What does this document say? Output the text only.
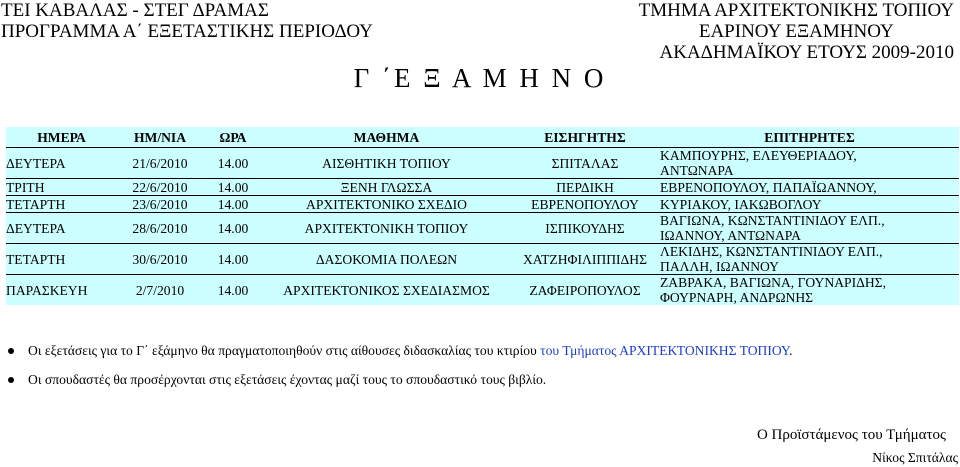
ΤΕΙ ΚΑΒΑΛΑΣ - ΣΤΕΓ ΔΡΑΜΑΣ
ΠΡΟΓΡΑΜΜΑ Α΄ ΕΞΕΤΑΣΤΙΚΗΣ ΠΕΡΙΟΔΟΥ
ΤΜΗΜΑ ΑΡΧΙΤΕΚΤΟΝΙΚΗΣ ΤΟΠΙΟΥ
ΕΑΡΙΝΟΥ ΕΞΑΜΗΝΟΥ
ΑΚΑΔΗΜΑΪΚΟΥ ΕΤΟΥΣ 2009-2010
Γ ΄Ε Ξ Α Μ Η Ν Ο
ΗΜΕΡΑ	ΗΜ/ΝΙΑ	ΩΡΑ	ΜΑΘΗΜΑ	ΕΙΣΗΓΗΤΗΣ	ΕΠΙΤΗΡΗΤΕΣ
ΔΕΥΤΕΡΑ	21/6/2010	14.00	ΑΙΣΘΗΤΙΚΗ ΤΟΠΙΟΥ	ΣΠΙΤΑΛΑΣ	ΚΑΜΠΟΥΡΗΣ, ΕΛΕΥΘΕΡΙΑΔΟΥ,
ΑΝΤΩΝΑΡΑ

ΤΡΙΤΗ	22/6/2010	14.00	ΞΕΝΗ ΓΛΩΣΣΑ	ΠΕΡΔΙΚΗ	ΕΒΡΕΝΟΠΟΥΛΟΥ, ΠΑΠΑΪΩΑΝΝΟΥ,

ΤΕΤΑΡΤΗ	23/6/2010	14.00	ΑΡΧΙΤΕΚΤΟΝΙΚΟ ΣΧΕΔΙΟ	ΕΒΡΕΝΟΠΟΥΛΟΥ	ΚΥΡΙΑΚΟΥ, ΙΑΚΩΒΟΓΛΟΥ

ΔΕΥΤΕΡΑ	28/6/2010	14.00	ΑΡΧΙΤΕΚΤΟΝΙΚΗ ΤΟΠΙΟΥ	ΙΣΠΙΚΟΥΔΗΣ	ΒΑΓΙΩΝΑ, ΚΩΝΣΤΑΝΤΙΝΙΔΟΥ ΕΛΠ.,
ΙΩΑΝΝΟΥ, ΑΝΤΩΝΑΡΑ

ΤΕΤΑΡΤΗ	30/6/2010	14.00	ΔΑΣΟΚΟΜΙΑ ΠΟΛΕΩΝ	ΧΑΤΖΗΦΙΛΙΠΠΙΔΗΣ	ΛΕΚΙΔΗΣ, ΚΩΝΣΤΑΝΤΙΝΙΔΟΥ ΕΛΠ.,
ΠΑΛΛΗ, ΙΩΑΝΝΟΥ

ΠΑΡΑΣΚΕΥΗ	2/7/2010	14.00	ΑΡΧΙΤΕΚΤΟΝΙΚΟΣ ΣΧΕΔΙΑΣΜΟΣ	ΖΑΦΕΙΡΟΠΟΥΛΟΣ	ΖΑΒΡΑΚΑ, ΒΑΓΙΩΝΑ, ΓΟΥΝΑΡΙΔΗΣ,
ΦΟΥΡΝΑΡΗ, ΑΝΔΡΩΝΗΣ
Οι εξετάσεις για το Γ΄ εξάμηνο θα πραγματοποιηθούν στις αίθουσες διδασκαλίας του κτιρίου του Τμήματος ΑΡΧΙΤΕΚΤΟΝΙΚΗΣ ΤΟΠΙΟΥ.
Οι σπουδαστές θα προσέρχονται στις εξετάσεις έχοντας μαζί τους το σπουδαστικό τους βιβλίο.
Ο Προϊστάμενος του Τμήματος
Νίκος Σπιτάλας
